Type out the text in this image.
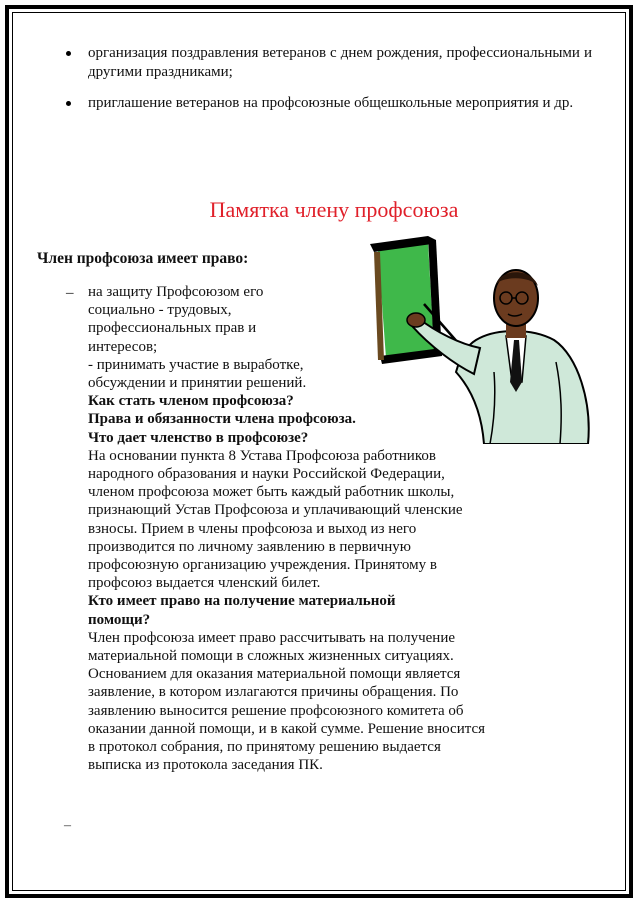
организация поздравления ветеранов с днем рождения, профессиональными и другими праздниками;
приглашение ветеранов на профсоюзные общешкольные мероприятия и др.
Памятка члену профсоюза
Член профсоюза имеет право:
– на защиту Профсоюзом его
социально - трудовых,
профессиональных прав и
интересов;
- принимать участие в выработке,
обсуждении и принятии решений.
Как стать членом профсоюза?
Права и обязанности члена профсоюза.
Что дает членство в профсоюзе?
На основании пункта 8 Устава Профсоюза работников
народного образования и науки Российской Федерации,
членом профсоюза может быть каждый работник школы,
признающий Устав Профсоюза и уплачивающий членские
взносы. Прием в члены профсоюза и выход из него
производится по личному заявлению в первичную
профсоюзную организацию учреждения. Принятому в
профсоюз выдается членский билет.
Кто имеет право на получение материальной
помощи?
Член профсоюза имеет право рассчитывать на получение
материальной помощи в сложных жизненных ситуациях.
Основанием для оказания материальной помощи является
заявление, в котором излагаются причины обращения. По
заявлению выносится решение профсоюзного комитета об
оказании данной помощи, и в какой сумме. Решение вносится
в протокол собрания, по принятому решению выдается
выписка из протокола заседания ПК.
–
